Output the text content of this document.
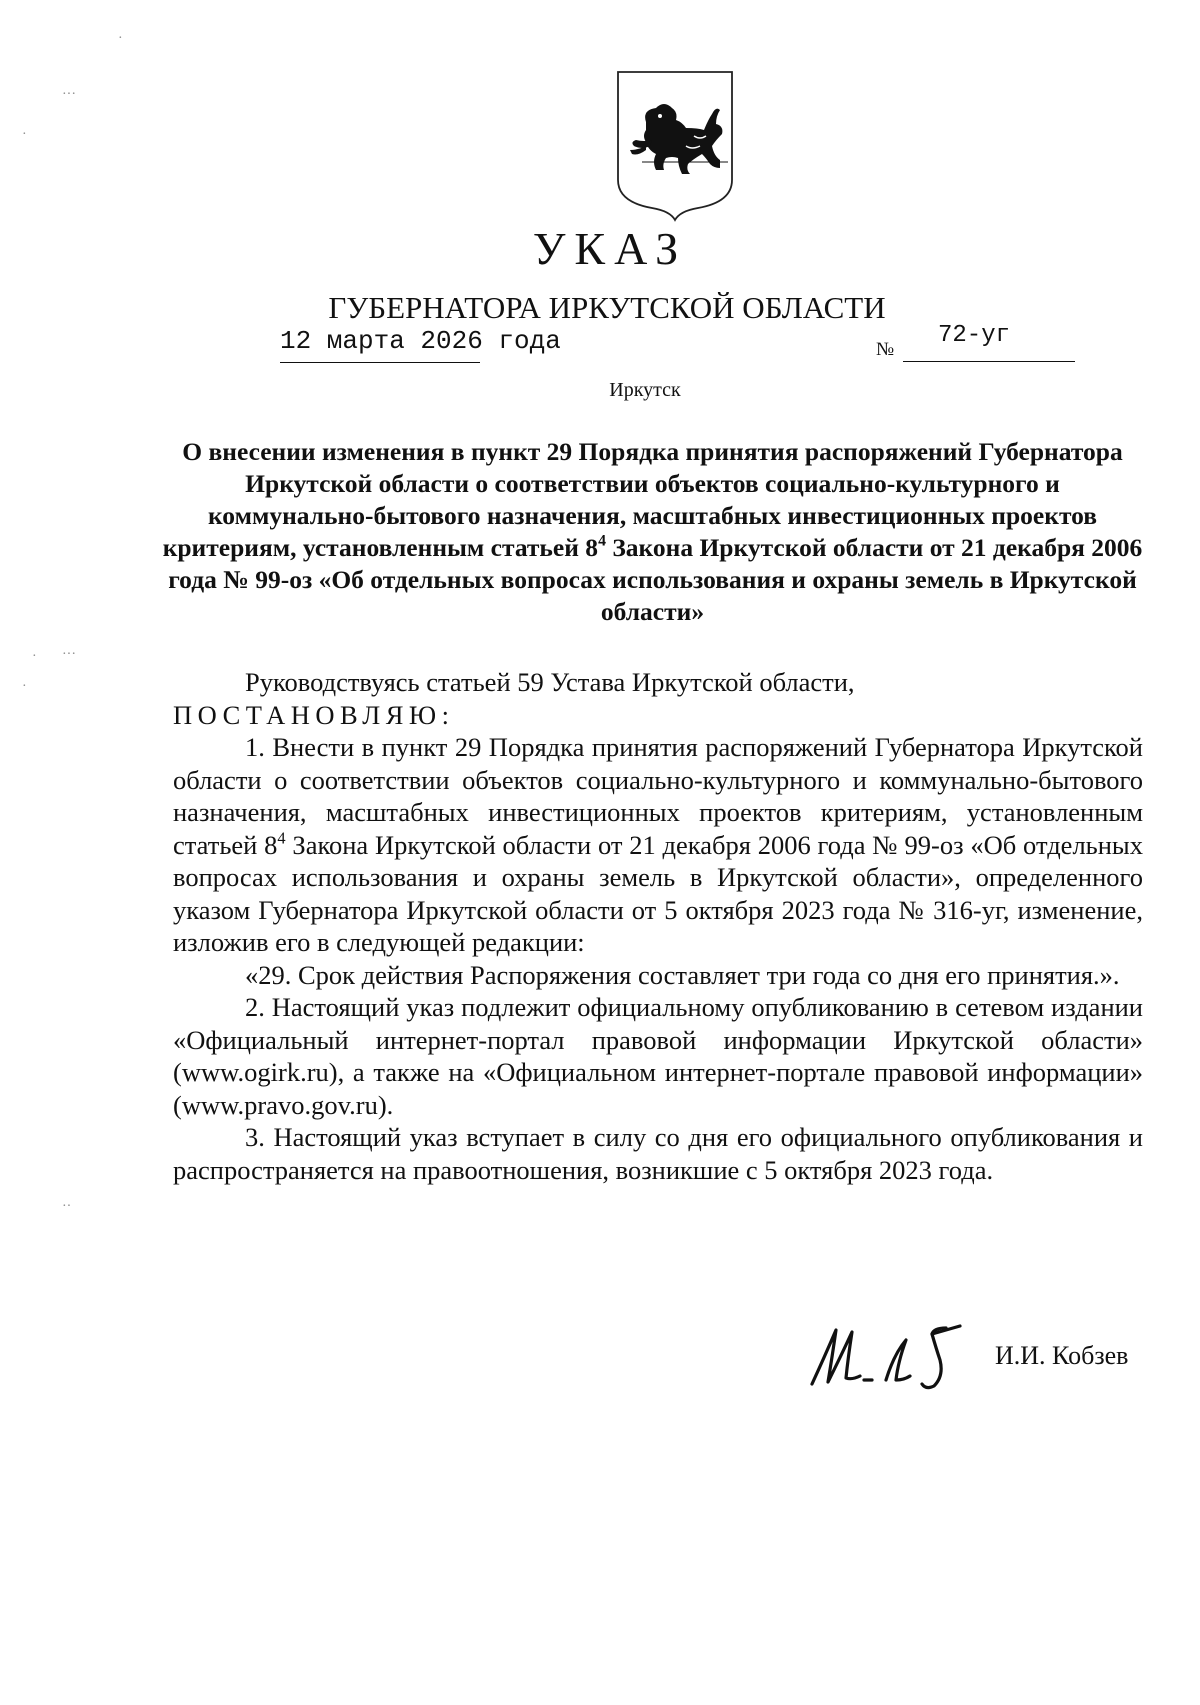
·
···
·
· ···
·
··
УКАЗ
ГУБЕРНАТОРА ИРКУТСКОЙ ОБЛАСТИ
12 марта 2026 года	№
72-уг
Иркутск
О внесении изменения в пункт 29 Порядка принятия распоряжений Губернатора Иркутской области о соответствии объектов социально-культурного и коммунально-бытового назначения, масштабных инвестиционных проектов критериям, установленным статьей $8^4$ Закона Иркутской области от 21 декабря 2006 года № 99-оз «Об отдельных вопросах использования и охраны земель в Иркутской области»

Руководствуясь статьей 59 Устава Иркутской области,

ПОСТАНОВЛЯЮ:

1. Внести в пункт 29 Порядка принятия распоряжений Губернатора Иркутской области о соответствии объектов социально-культурного и коммунально-бытового назначения, масштабных инвестиционных проектов критериям, установленным статьей $8^4$ Закона Иркутской области от 21 декабря 2006 года № 99-оз «Об отдельных вопросах использования и охраны земель в Иркутской области», определенного указом Губернатора Иркутской области от 5 октября 2023 года № 316-уг, изменение, изложив его в следующей редакции:

«29. Срок действия Распоряжения составляет три года со дня его принятия.».

2. Настоящий указ подлежит официальному опубликованию в сетевом издании «Официальный интернет-портал правовой информации Иркутской области» (www.ogirk.ru), а также на «Официальном интернет-портале правовой информации» (www.pravo.gov.ru).

3. Настоящий указ вступает в силу со дня его официального опубликования и распространяется на правоотношения, возникшие с 5 октября 2023 года.

И.И. Кобзев
